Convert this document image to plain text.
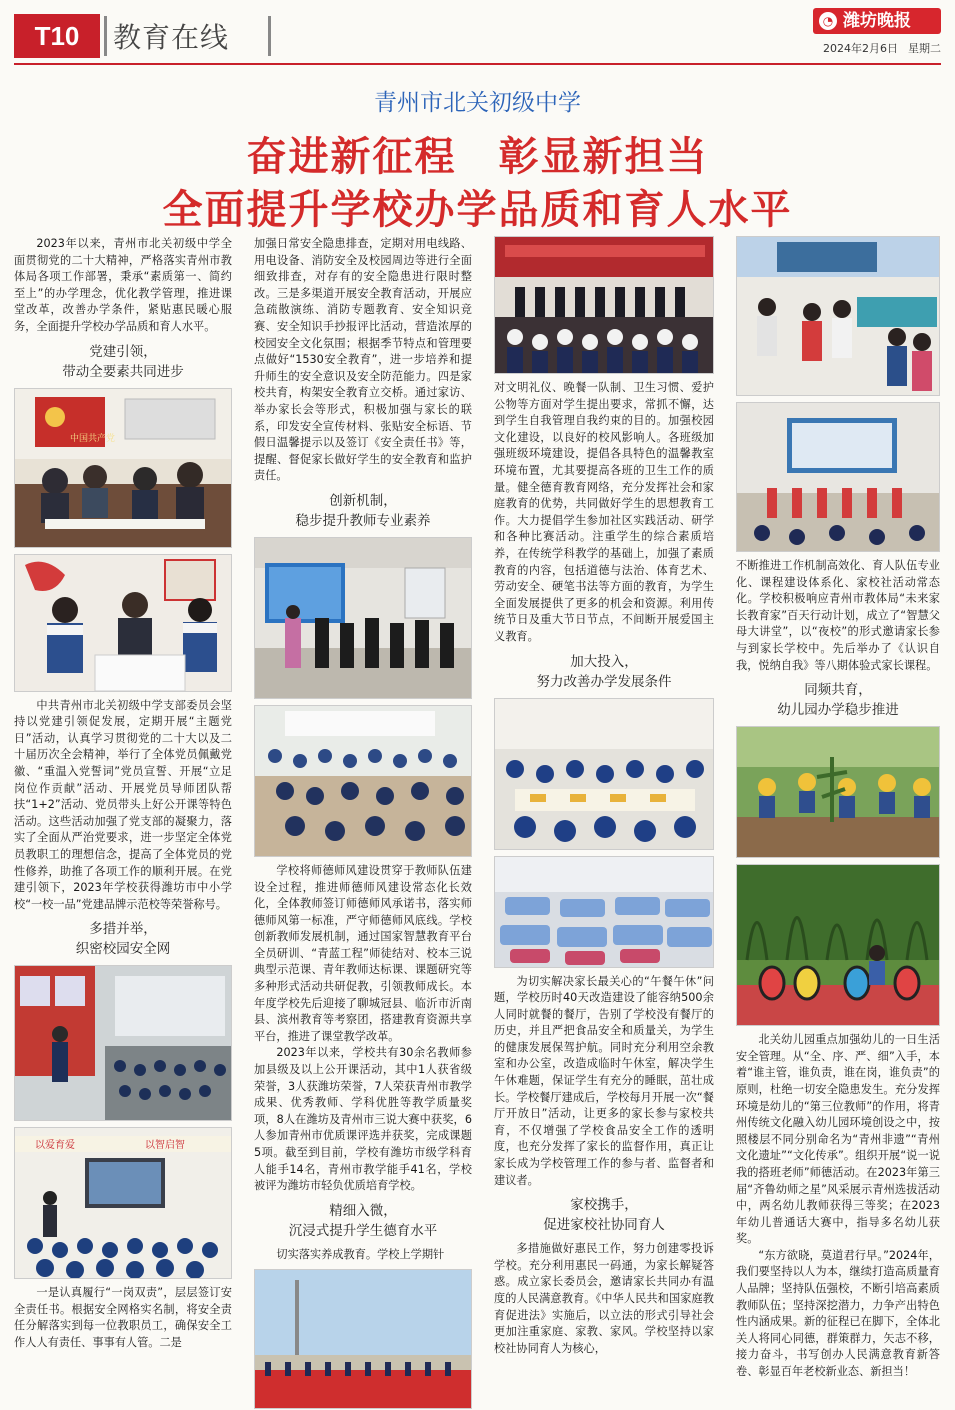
T10	教育在线	◔ 潍坊晚报
2024年2月6日 星期二
青州市北关初级中学
奋进新征程　彰显新担当
全面提升学校办学品质和育人水平

2023年以来，青州市北关初级中学全面贯彻党的二十大精神，严格落实青州市教体局各项工作部署，秉承“素质第一、简约至上”的办学理念，优化教学管理，推进课堂改革，改善办学条件，紧贴惠民暖心服务，全面提升学校办学品质和育人水平。

党建引领，
带动全要素共同进步
中国共产党

中共青州市北关初级中学支部委员会坚持以党建引领促发展，定期开展“主题党日”活动，认真学习贯彻党的二十大以及二十届历次全会精神，举行了全体党员佩戴党徽、“重温入党誓词”党员宣誓、开展“立足岗位作贡献”活动、开展党员导师团队帮扶“1+2”活动、党员带头上好公开课等特色活动。这些活动加强了党支部的凝聚力，落实了全面从严治党要求，进一步坚定全体党员教职工的理想信念，提高了全体党员的党性修养，助推了各项工作的顺利开展。在党建引领下，2023年学校获得潍坊市中小学校“一校一品”党建品牌示范校等荣誉称号。

多措并举，
织密校园安全网
以爱育爱	以智启智

一是认真履行“一岗双责”，层层签订安全责任书。根据安全网格实名制，将安全责任分解落实到每一位教职员工，确保安全工作人人有责任、事事有人管。二是

加强日常安全隐患排查，定期对用电线路、用电设备、消防安全及校园周边等进行全面细致排查，对存有的安全隐患进行限时整改。三是多渠道开展安全教育活动，开展应急疏散演练、消防专题教育、安全知识竞赛、安全知识手抄报评比活动，营造浓厚的校园安全文化氛围；根据季节特点和管理要点做好“1530安全教育”，进一步培养和提升师生的安全意识及安全防范能力。四是家校共育，构架安全教育立交桥。通过家访、举办家长会等形式，积极加强与家长的联系，印发安全宣传材料、张贴安全标语、节假日温馨提示以及签订《安全责任书》等，提醒、督促家长做好学生的安全教育和监护责任。

创新机制，
稳步提升教师专业素养

学校将师德师风建设贯穿于教师队伍建设全过程，推进师德师风建设常态化长效化，全体教师签订师德师风承诺书，落实师德师风第一标准，严守师德师风底线。学校创新教师发展机制，通过国家智慧教育平台全员研训、“青蓝工程”师徒结对、校本三说典型示范课、青年教师达标课、课题研究等多种形式活动共研促教，引领教师成长。本年度学校先后迎接了聊城冠县、临沂市沂南县、滨州教育等考察团，搭建教育资源共享平台，推进了课堂教学改革。

2023年以来，学校共有30余名教师参加县级及以上公开课活动，其中1人获省级荣誉，3人获潍坊荣誉，7人荣获青州市教学成果、优秀教师、学科优胜等教学质量奖项，8人在潍坊及青州市三说大赛中获奖，6人参加青州市优质课评选并获奖，完成课题5项。截至到目前，学校有潍坊市级学科育人能手14名，青州市教学能手41名，学校被评为潍坊市轻负优质培育学校。

精细入微，
沉浸式提升学生德育水平

切实落实养成教育。学校上学期针

对文明礼仪、晚餐一队制、卫生习惯、爱护公物等方面对学生提出要求，常抓不懈，达到学生自我管理自我约束的目的。加强校园文化建设，以良好的校风影响人。各班级加强班级环境建设，提倡各具特色的温馨教室环境布置，尤其要提高各班的卫生工作的质量。健全德育教育网络，充分发挥社会和家庭教育的优势，共同做好学生的思想教育工作。大力提倡学生参加社区实践活动、研学和各种比赛活动。注重学生的综合素质培养，在传统学科教学的基础上，加强了素质教育的内容，包括道德与法治、体育艺术、劳动安全、硬笔书法等方面的教育，为学生全面发展提供了更多的机会和资源。利用传统节日及重大节日节点，不间断开展爱国主义教育。

加大投入，
努力改善办学发展条件

为切实解决家长最关心的“午餐午休”问题，学校历时40天改造建设了能容纳500余人同时就餐的餐厅，告别了学校没有餐厅的历史，并且严把食品安全和质量关，为学生的健康发展保驾护航。同时充分利用空余教室和办公室，改造成临时午休室，解决学生午休难题，保证学生有充分的睡眠，茁壮成长。学校餐厅建成后，学校每月开展一次“餐厅开放日”活动，让更多的家长参与家校共育，不仅增强了学校食品安全工作的透明度，也充分发挥了家长的监督作用，真正让家长成为学校管理工作的参与者、监督者和建议者。

家校携手，
促进家校社协同育人

多措施做好惠民工作，努力创建零投诉学校。充分利用惠民一码通，为家长解疑答惑。成立家长委员会，邀请家长共同办有温度的人民满意教育。《中华人民共和国家庭教育促进法》实施后，以立法的形式引导社会更加注重家庭、家教、家风。学校坚持以家校社协同育人为核心，

不断推进工作机制高效化、育人队伍专业化、课程建设体系化、家校社活动常态化。学校积极响应青州市教体局“未来家长教育家”百天行动计划，成立了“智慧父母大讲堂”，以“夜校”的形式邀请家长参与到家长学校中。先后举办了《认识自我，悦纳自我》等八期体验式家长课程。

同频共育，
幼儿园办学稳步推进

北关幼儿园重点加强幼儿的一日生活安全管理。从“全、序、严、细”入手，本着“谁主管，谁负责，谁在岗，谁负责”的原则，杜绝一切安全隐患发生。充分发挥环境是幼儿的“第三位教师”的作用，将青州传统文化融入幼儿园环境创设之中，按照楼层不同分别命名为“青州非遗”“青州文化遗址”“文化传承”。组织开展“说一说我的搭班老师”师德活动。在2023年第三届“齐鲁幼师之星”风采展示青州选拔活动中，两名幼儿教师获得三等奖；在2023年幼儿普通话大赛中，指导多名幼儿获奖。

“东方欲晓，莫道君行早。”2024年，我们要坚持以人为本，继续打造高质量育人品牌；坚持队伍强校，不断引培高素质教师队伍；坚持深挖潜力，力争产出特色性内涵成果。新的征程已在脚下，全体北关人将同心同德，群策群力，矢志不移，接力奋斗，书写创办人民满意教育新答卷、彰显百年老校新业态、新担当！
